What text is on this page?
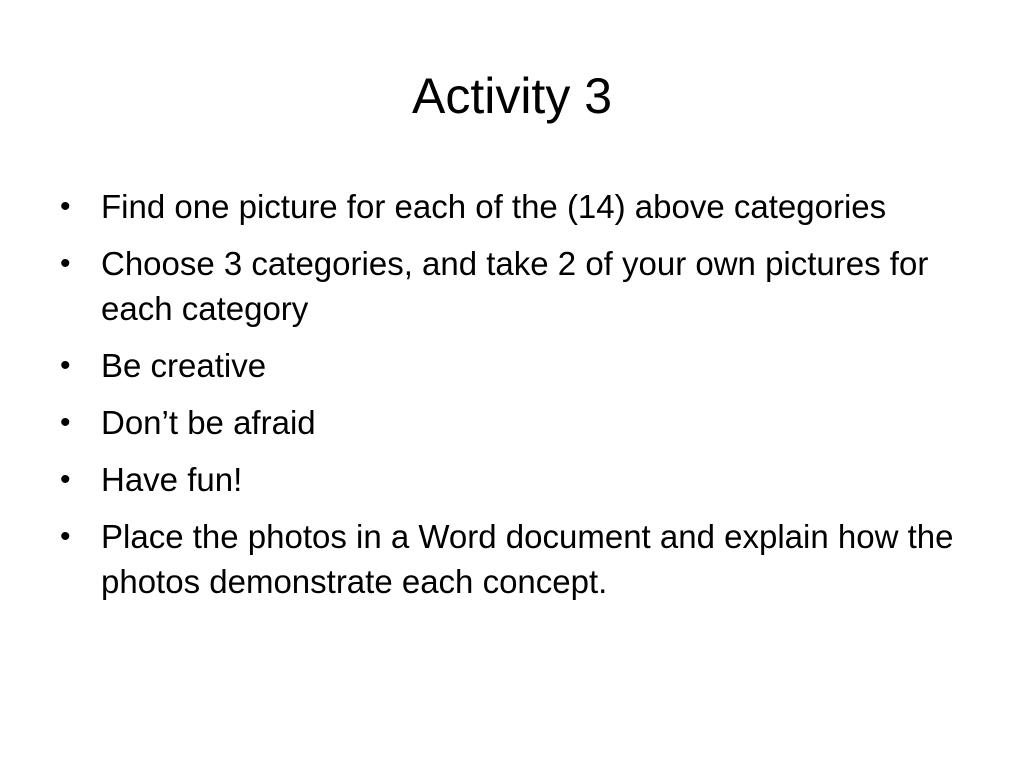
Activity 3
• Find one picture for each of the (14) above categories
• Choose 3 categories, and take 2 of your own pictures for each category
• Be creative
• Don’t be afraid
• Have fun!
• Place the photos in a Word document and explain how the photos demonstrate each concept.
